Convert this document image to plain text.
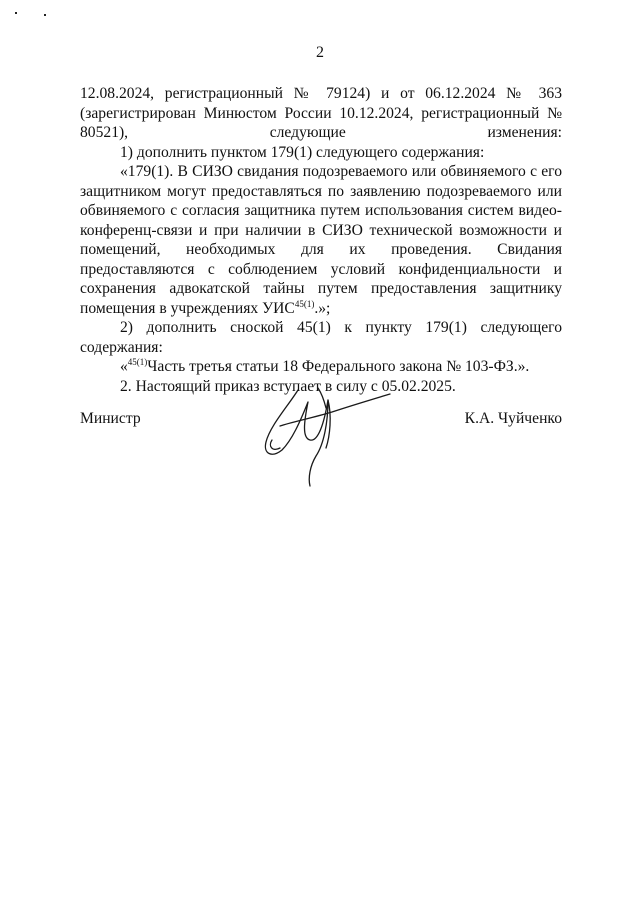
2

12.08.2024, регистрационный № 79124) и от 06.12.2024 № 363 (зарегистрирован Минюстом России 10.12.2024, регистрационный № 80521), следующие изменения:

1) дополнить пунктом 179(1) следующего содержания:

«179(1). В СИЗО свидания подозреваемого или обвиняемого с его защитником могут предоставляться по заявлению подозреваемого или обвиняемого с согласия защитника путем использования систем видео-конференц-связи и при наличии в СИЗО технической возможности и помещений, необходимых для их проведения. Свидания предоставляются с соблюдением условий конфиденциальности и сохранения адвокатской тайны путем предоставления защитнику помещения в учреждениях $УИС^{45(1)}$.»;

2) дополнить сноской 45(1) к пункту 179(1) следующего содержания:

«$^{45(1)}$Часть третья статьи 18 Федерального закона № 103-ФЗ.».

2. Настоящий приказ вступает в силу с 05.02.2025.

Министр	К.А. Чуйченко
